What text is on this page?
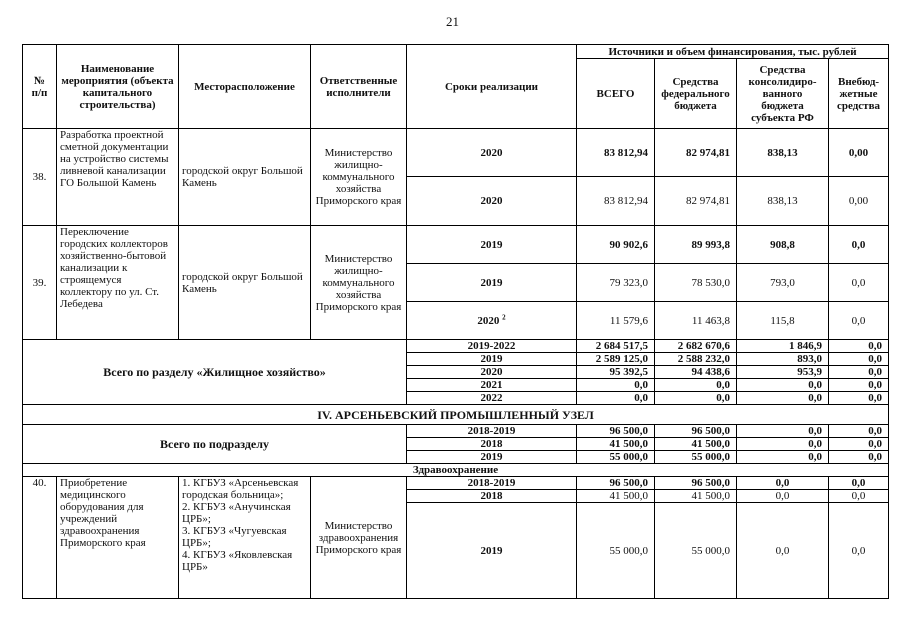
21
№
п/п	Наименование мероприятия (объекта капитального строительства)	Месторасположение	Ответственные исполнители	Сроки реализации	Источники и объем финансирования, тыс. рублей			
					ВСЕГО	Средства федерального бюджета	Средства консолидиро-ванного бюджета субъекта РФ	Внебюд-жетные средства
38.	Разработка проектной сметной документации на устройство системы ливневой канализации ГО Большой Камень	городской округ Большой Камень	Министерство жилищно-коммунального хозяйства Приморского края	2020	83 812,94	82 974,81	838,13	0,00
				2020	83 812,94	82 974,81	838,13	0,00
39.	Переключение городских коллекторов хозяйственно-бытовой канализации к строящемуся коллектору по ул. Ст. Лебедева	городской округ Большой Камень	Министерство жилищно-коммунального хозяйства Приморского края	2019	90 902,6	89 993,8	908,8	0,0
				2019	79 323,0	78 530,0	793,0	0,0
				2020 $^2$	11 579,6	11 463,8	115,8	0,0
Всего по разделу «Жилищное хозяйство»				2019-2022	2 684 517,5	2 682 670,6	1 846,9	0,0
				2019	2 589 125,0	2 588 232,0	893,0	0,0
				2020	95 392,5	94 438,6	953,9	0,0
				2021	0,0	0,0	0,0	0,0
				2022	0,0	0,0	0,0	0,0
IV. АРСЕНЬЕВСКИЙ ПРОМЫШЛЕННЫЙ УЗЕЛ								
Всего по подразделу				2018-2019	96 500,0	96 500,0	0,0	0,0
				2018	41 500,0	41 500,0	0,0	0,0
				2019	55 000,0	55 000,0	0,0	0,0
Здравоохранение								
40.	Приобретение медицинского оборудования для учреждений здравоохранения Приморского края	1. КГБУЗ «Арсеньевская городская больница»;
2. КГБУЗ «Анучинская ЦРБ»;
3. КГБУЗ «Чугуевская ЦРБ»;
4. КГБУЗ «Яковлевская ЦРБ»	Министерство здравоохранения Приморского края	2018-2019	96 500,0	96 500,0	0,0	0,0
				2018	41 500,0	41 500,0	0,0	0,0
				2019	55 000,0	55 000,0	0,0	0,0
